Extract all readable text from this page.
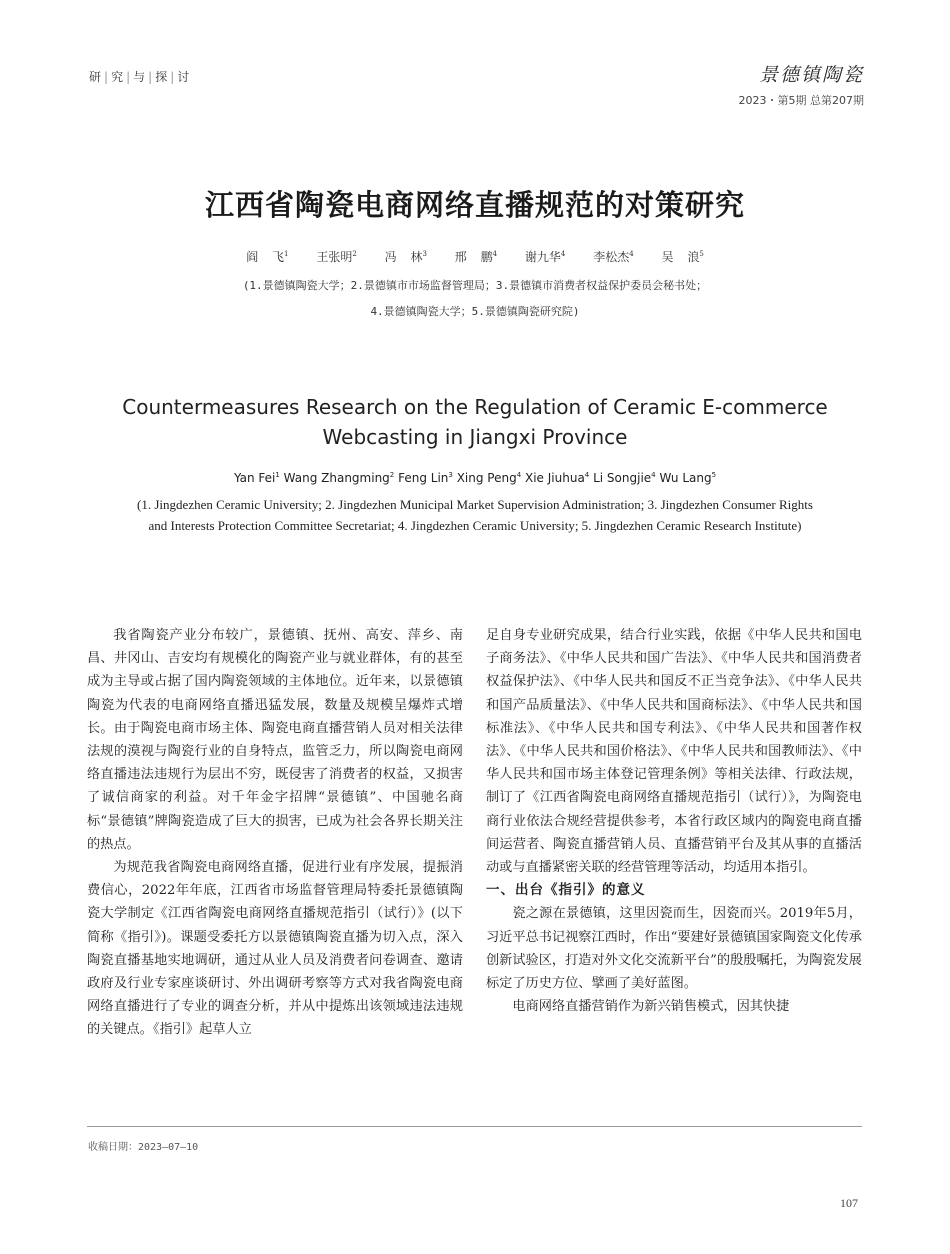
研 | 究 | 与 | 探 | 讨	景德镇陶瓷
2023・第5期 总第207期
江西省陶瓷电商网络直播规范的对策研究
阎 飞$^1$ 王张明$^2$ 冯 林$^3$ 邢 鹏$^4$ 谢九华$^4$ 李松杰$^4$ 吴 浪$^5$
(1.景德镇陶瓷大学；2.景德镇市市场监督管理局；3.景德镇市消费者权益保护委员会秘书处；
4.景德镇陶瓷大学；5.景德镇陶瓷研究院)
Countermeasures Research on the Regulation of Ceramic E-commerce
Webcasting in Jiangxi Province
Yan Fei$^1$ Wang Zhangming$^2$ Feng Lin$^3$ Xing Peng$^4$ Xie Jiuhua$^4$ Li Songjie$^4$ Wu Lang$^5$
(1. Jingdezhen Ceramic University; 2. Jingdezhen Municipal Market Supervision Administration; 3. Jingdezhen Consumer Rights
and Interests Protection Committee Secretariat; 4. Jingdezhen Ceramic University; 5. Jingdezhen Ceramic Research Institute)

我省陶瓷产业分布较广，景德镇、抚州、高安、萍乡、南昌、井冈山、吉安均有规模化的陶瓷产业与就业群体，有的甚至成为主导或占据了国内陶瓷领域的主体地位。近年来，以景德镇陶瓷为代表的电商网络直播迅猛发展，数量及规模呈爆炸式增长。由于陶瓷电商市场主体、陶瓷电商直播营销人员对相关法律法规的漠视与陶瓷行业的自身特点，监管乏力，所以陶瓷电商网络直播违法违规行为层出不穷，既侵害了消费者的权益，又损害了诚信商家的利益。对千年金字招牌“景德镇”、中国驰名商标“景德镇”牌陶瓷造成了巨大的损害，已成为社会各界长期关注的热点。

为规范我省陶瓷电商网络直播，促进行业有序发展，提振消费信心，2022年年底，江西省市场监督管理局特委托景德镇陶瓷大学制定《江西省陶瓷电商网络直播规范指引（试行）》(以下简称《指引》)。课题受委托方以景德镇陶瓷直播为切入点，深入陶瓷直播基地实地调研，通过从业人员及消费者问卷调查、邀请政府及行业专家座谈研讨、外出调研考察等方式对我省陶瓷电商网络直播进行了专业的调查分析，并从中提炼出该领域违法违规的关键点。《指引》起草人立

足自身专业研究成果，结合行业实践，依据《中华人民共和国电子商务法》、《中华人民共和国广告法》、《中华人民共和国消费者权益保护法》、《中华人民共和国反不正当竞争法》、《中华人民共和国产品质量法》、《中华人民共和国商标法》、《中华人民共和国标准法》、《中华人民共和国专利法》、《中华人民共和国著作权法》、《中华人民共和国价格法》、《中华人民共和国教师法》、《中华人民共和国市场主体登记管理条例》等相关法律、行政法规，制订了《江西省陶瓷电商网络直播规范指引（试行）》，为陶瓷电商行业依法合规经营提供参考，本省行政区域内的陶瓷电商直播间运营者、陶瓷直播营销人员、直播营销平台及其从事的直播活动或与直播紧密关联的经营管理等活动，均适用本指引。

一、出台《指引》的意义

瓷之源在景德镇，这里因瓷而生，因瓷而兴。2019年5月，习近平总书记视察江西时，作出“要建好景德镇国家陶瓷文化传承创新试验区，打造对外文化交流新平台”的殷殷嘱托，为陶瓷发展标定了历史方位、擘画了美好蓝图。

电商网络直播营销作为新兴销售模式，因其快捷

收稿日期：2023—07—10
107
